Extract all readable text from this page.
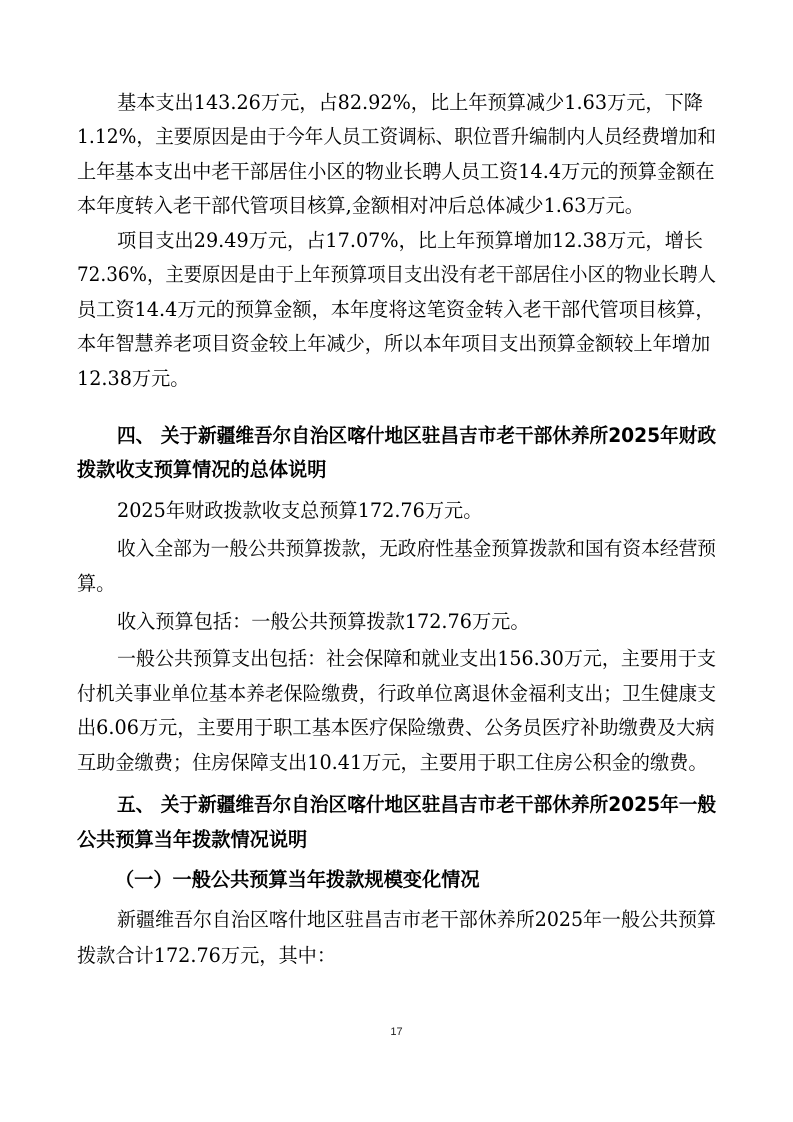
基本支出143.26万元，占82.92%，比上年预算减少1.63万元，下降
1.12%，主要原因是由于今年人员工资调标、职位晋升编制内人员经费增加和
上年基本支出中老干部居住小区的物业长聘人员工资14.4万元的预算金额在
本年度转入老干部代管项目核算,金额相对冲后总体减少1.63万元。
项目支出29.49万元，占17.07%，比上年预算增加12.38万元，增长
72.36%，主要原因是由于上年预算项目支出没有老干部居住小区的物业长聘人
员工资14.4万元的预算金额，本年度将这笔资金转入老干部代管项目核算，
本年智慧养老项目资金较上年减少，所以本年项目支出预算金额较上年增加
12.38万元。
四、 关于新疆维吾尔自治区喀什地区驻昌吉市老干部休养所2025年财政
拨款收支预算情况的总体说明
2025年财政拨款收支总预算172.76万元。
收入全部为一般公共预算拨款，无政府性基金预算拨款和国有资本经营预
算。
收入预算包括：一般公共预算拨款172.76万元。
一般公共预算支出包括：社会保障和就业支出156.30万元，主要用于支
付机关事业单位基本养老保险缴费，行政单位离退休金福利支出；卫生健康支
出6.06万元，主要用于职工基本医疗保险缴费、公务员医疗补助缴费及大病
互助金缴费；住房保障支出10.41万元，主要用于职工住房公积金的缴费。
五、 关于新疆维吾尔自治区喀什地区驻昌吉市老干部休养所2025年一般
公共预算当年拨款情况说明
（一）一般公共预算当年拨款规模变化情况
新疆维吾尔自治区喀什地区驻昌吉市老干部休养所2025年一般公共预算
拨款合计172.76万元，其中：
17
